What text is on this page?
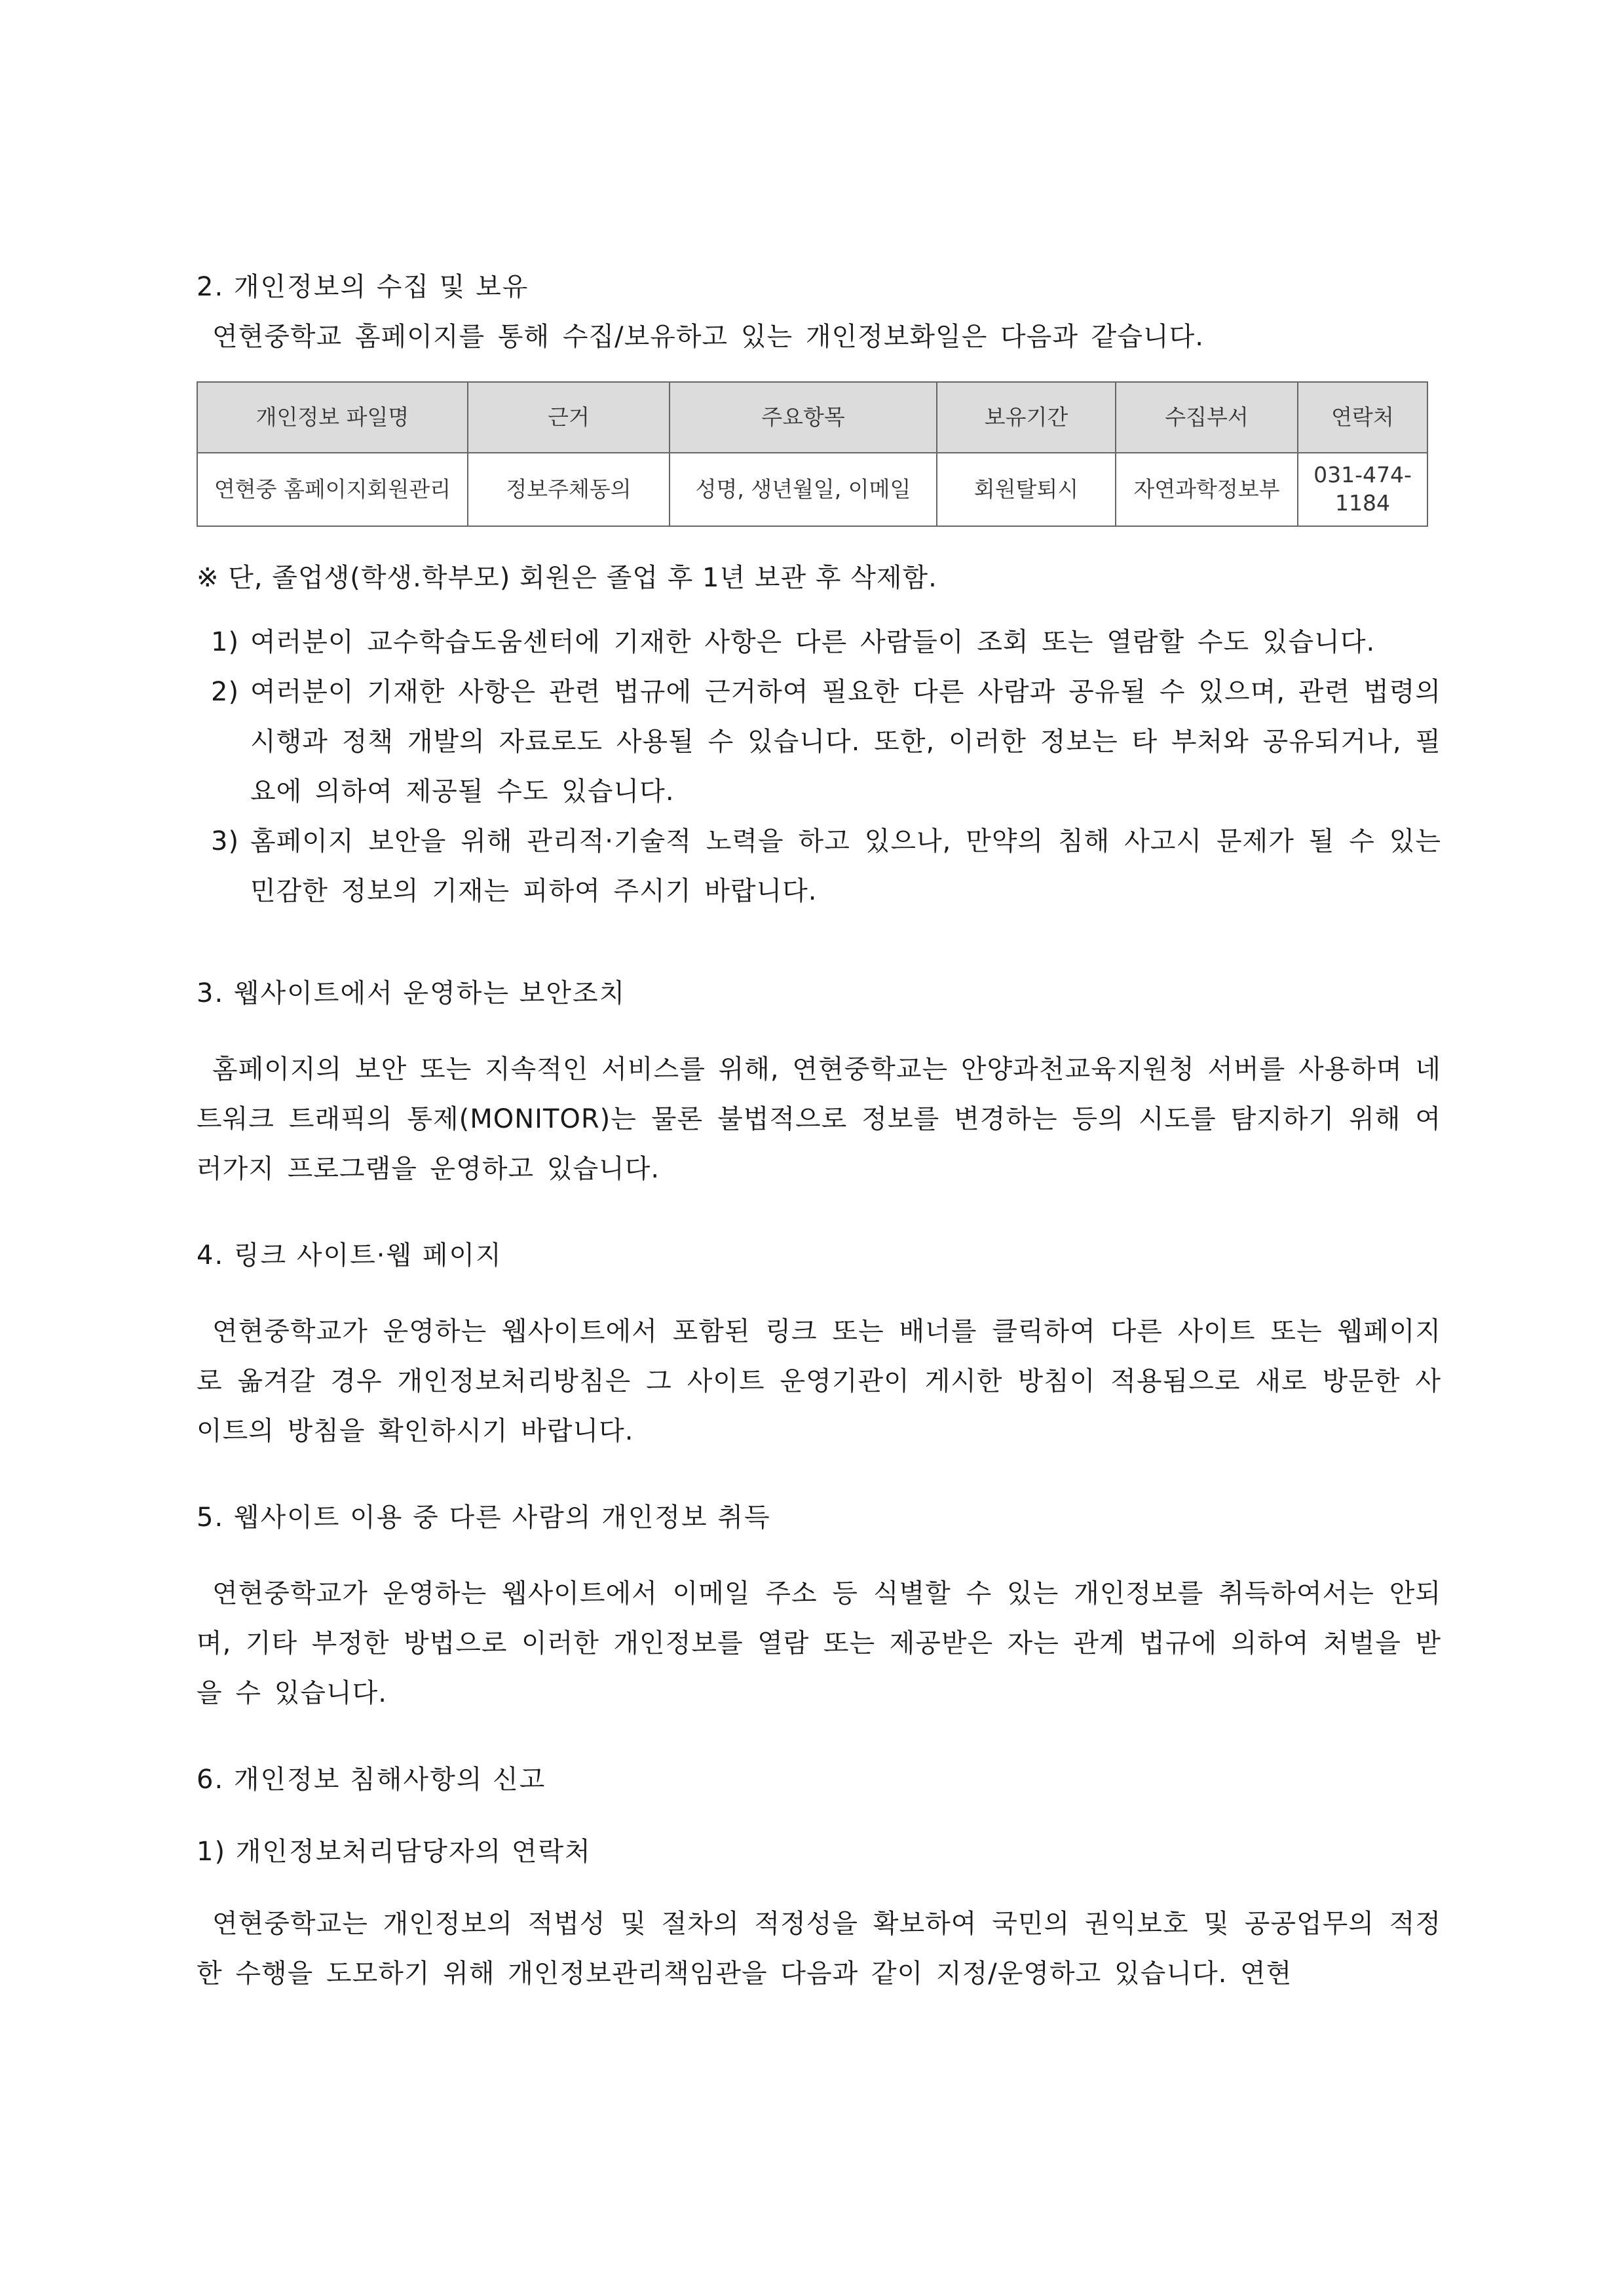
2. 개인정보의 수집 및 보유

연현중학교 홈페이지를 통해 수집/보유하고 있는 개인정보화일은 다음과 같습니다.

개인정보 파일명	근거	주요항목	보유기간	수집부서	연락처
연현중 홈페이지회원관리	정보주체동의	성명, 생년월일, 이메일	회원탈퇴시	자연과학정보부	031-474-1184

※ 단, 졸업생(학생.학부모) 회원은 졸업 후 1년 보관 후 삭제함.

1) 여러분이 교수학습도움센터에 기재한 사항은 다른 사람들이 조회 또는 열람할 수도 있습니다.
2) 여러분이 기재한 사항은 관련 법규에 근거하여 필요한 다른 사람과 공유될 수 있으며, 관련 법령의 시행과 정책 개발의 자료로도 사용될 수 있습니다. 또한, 이러한 정보는 타 부처와 공유되거나, 필요에 의하여 제공될 수도 있습니다.
3) 홈페이지 보안을 위해 관리적·기술적 노력을 하고 있으나, 만약의 침해 사고시 문제가 될 수 있는 민감한 정보의 기재는 피하여 주시기 바랍니다.
3. 웹사이트에서 운영하는 보안조치

홈페이지의 보안 또는 지속적인 서비스를 위해, 연현중학교는 안양과천교육지원청 서버를 사용하며 네트워크 트래픽의 통제(MONITOR)는 물론 불법적으로 정보를 변경하는 등의 시도를 탐지하기 위해 여러가지 프로그램을 운영하고 있습니다.

4. 링크 사이트·웹 페이지

연현중학교가 운영하는 웹사이트에서 포함된 링크 또는 배너를 클릭하여 다른 사이트 또는 웹페이지로 옮겨갈 경우 개인정보처리방침은 그 사이트 운영기관이 게시한 방침이 적용됨으로 새로 방문한 사이트의 방침을 확인하시기 바랍니다.

5. 웹사이트 이용 중 다른 사람의 개인정보 취득

연현중학교가 운영하는 웹사이트에서 이메일 주소 등 식별할 수 있는 개인정보를 취득하여서는 안되며, 기타 부정한 방법으로 이러한 개인정보를 열람 또는 제공받은 자는 관계 법규에 의하여 처벌을 받을 수 있습니다.

6. 개인정보 침해사항의 신고

1) 개인정보처리담당자의 연락처

연현중학교는 개인정보의 적법성 및 절차의 적정성을 확보하여 국민의 권익보호 및 공공업무의 적정한 수행을 도모하기 위해 개인정보관리책임관을 다음과 같이 지정/운영하고 있습니다. 연현
